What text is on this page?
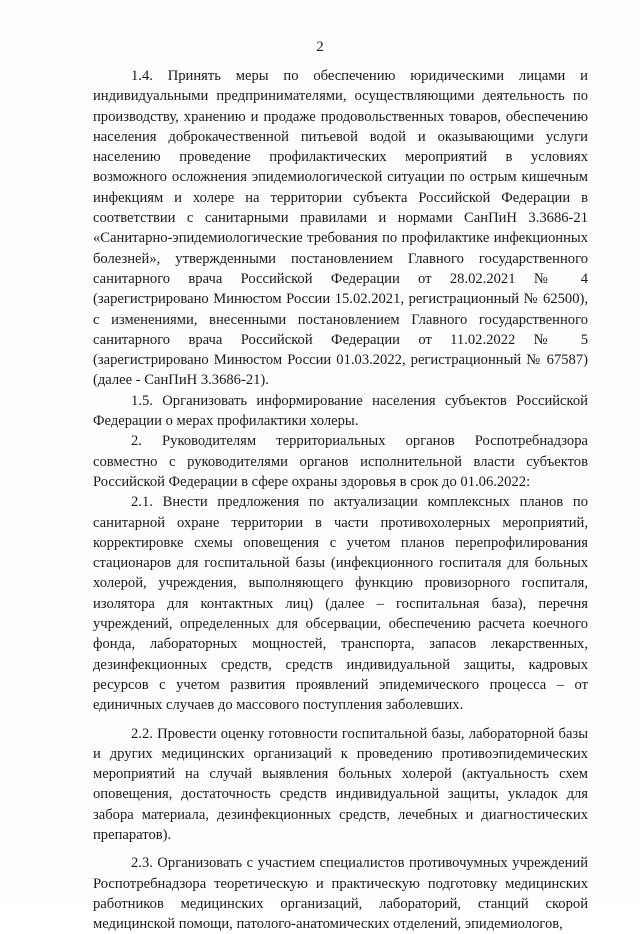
2

1.4. Принять меры по обеспечению юридическими лицами и индивидуальными предпринимателями, осуществляющими деятельность по производству, хранению и продаже продовольственных товаров, обеспечению населения доброкачественной питьевой водой и оказывающими услуги населению проведение профилактических мероприятий в условиях возможного осложнения эпидемиологической ситуации по острым кишечным инфекциям и холере на территории субъекта Российской Федерации в соответствии с санитарными правилами и нормами СанПиН 3.3686-21 «Санитарно-эпидемиологические требования по профилактике инфекционных болезней», утвержденными постановлением Главного государственного санитарного врача Российской Федерации от 28.02.2021 № 4 (зарегистрировано Минюстом России 15.02.2021, регистрационный № 62500), с изменениями, внесенными постановлением Главного государственного санитарного врача Российской Федерации от 11.02.2022 № 5 (зарегистрировано Минюстом России 01.03.2022, регистрационный № 67587) (далее - СанПиН 3.3686-21).

1.5. Организовать информирование населения субъектов Российской Федерации о мерах профилактики холеры.

2. Руководителям территориальных органов Роспотребнадзора совместно с руководителями органов исполнительной власти субъектов Российской Федерации в сфере охраны здоровья в срок до 01.06.2022:

2.1. Внести предложения по актуализации комплексных планов по санитарной охране территории в части противохолерных мероприятий, корректировке схемы оповещения с учетом планов перепрофилирования стационаров для госпитальной базы (инфекционного госпиталя для больных холерой, учреждения, выполняющего функцию провизорного госпиталя, изолятора для контактных лиц) (далее – госпитальная база), перечня учреждений, определенных для обсервации, обеспечению расчета коечного фонда, лабораторных мощностей, транспорта, запасов лекарственных, дезинфекционных средств, средств индивидуальной защиты, кадровых ресурсов с учетом развития проявлений эпидемического процесса – от единичных случаев до массового поступления заболевших.

2.2. Провести оценку готовности госпитальной базы, лабораторной базы и других медицинских организаций к проведению противоэпидемических мероприятий на случай выявления больных холерой (актуальность схем оповещения, достаточность средств индивидуальной защиты, укладок для забора материала, дезинфекционных средств, лечебных и диагностических препаратов).

2.3. Организовать с участием специалистов противочумных учреждений Роспотребнадзора теоретическую и практическую подготовку медицинских работников медицинских организаций, лабораторий, станций скорой медицинской помощи, патолого-анатомических отделений, эпидемиологов,
